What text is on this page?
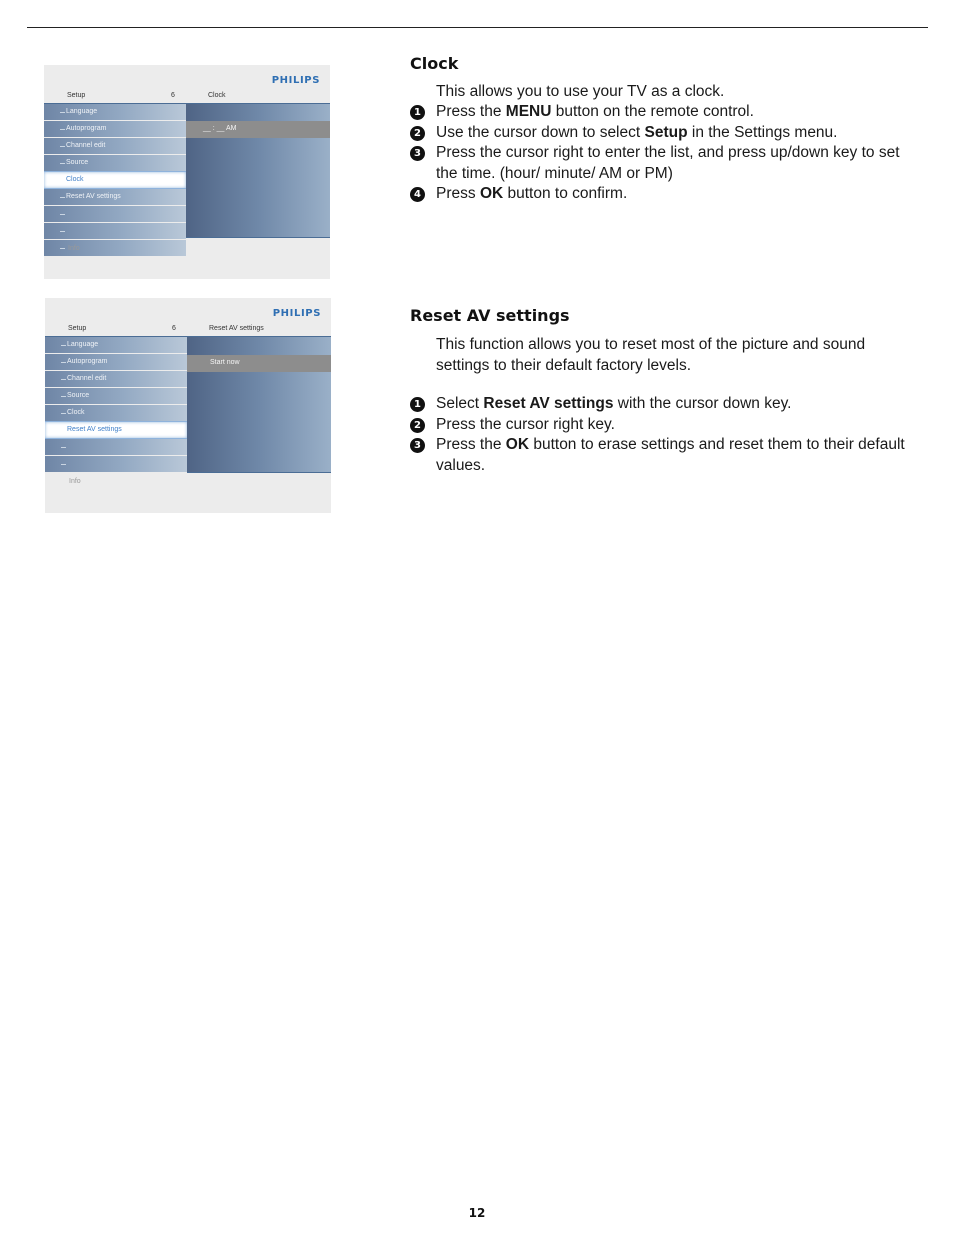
PHILIPS
Setup	6	Clock
Language
Autoprogram
Channel edit
Source
Clock
Reset AV settings
__ : __ AM
Info
PHILIPS
Setup	6	Reset AV settings
Language
Autoprogram
Channel edit
Source
Clock
Reset AV settings
Start now
Info
Clock

This allows you to use your TV as a clock.

1 Press the MENU button on the remote control.
2 Use the cursor down to select Setup in the Settings menu.
3 Press the cursor right to enter the list, and press up/down key to set the time. (hour/ minute/ AM or PM)
4 Press OK button to confirm.
Reset AV settings

This function allows you to reset most of the picture and sound settings to their default factory levels.

1 Select Reset AV settings with the cursor down key.
2 Press the cursor right key.
3 Press the OK button to erase settings and reset them to their default values.
12
